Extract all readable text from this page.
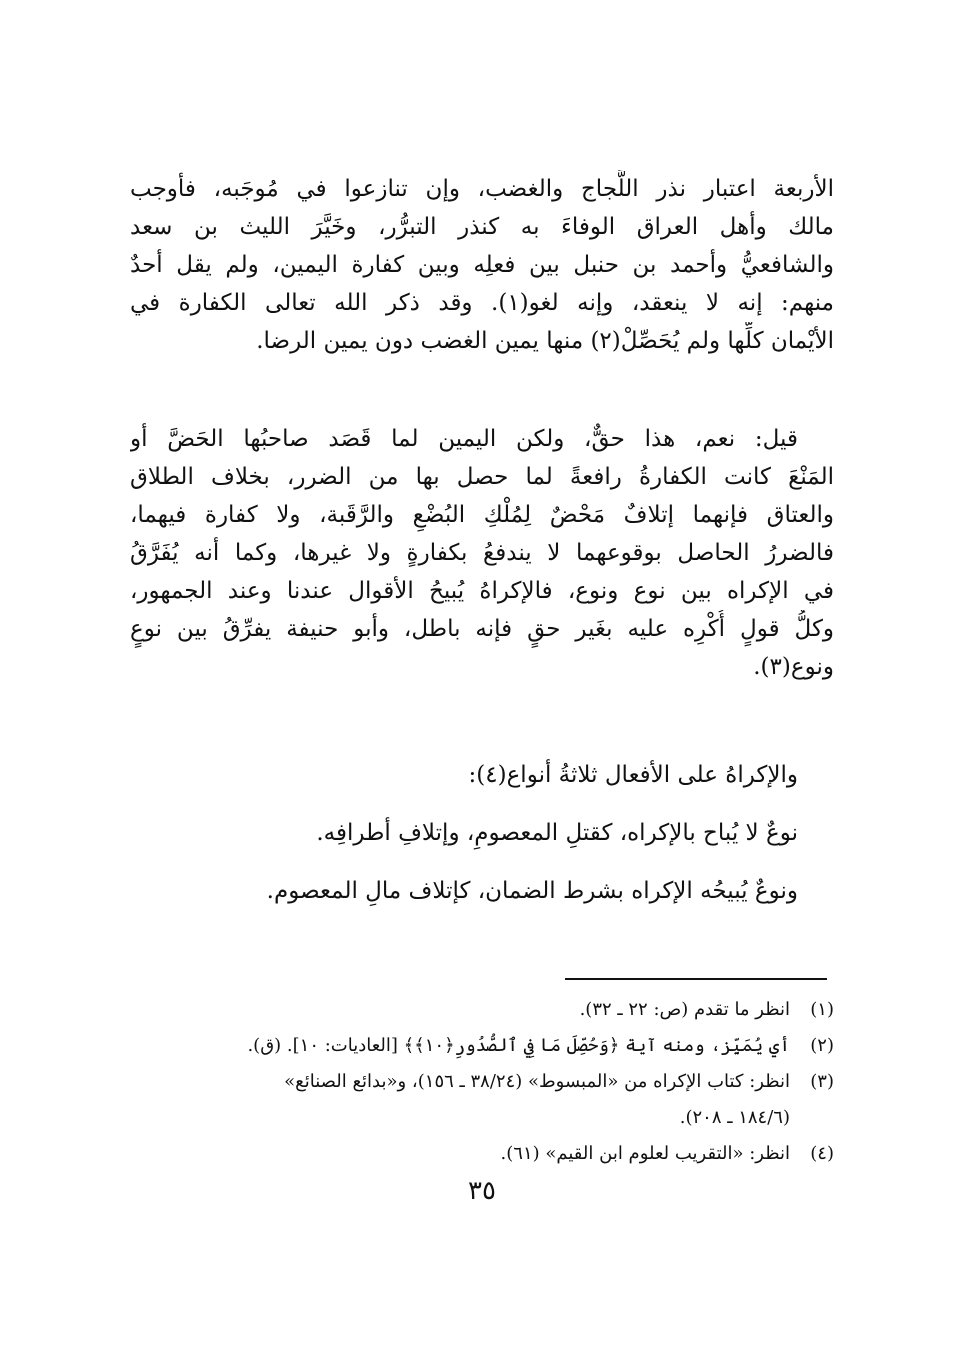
الأربعة اعتبار نذر اللَّجاج والغضب، وإن تنازعوا في مُوجَبه، فأوجب
مالك وأهل العراق الوفاءَ به كنذر التبرُّر، وخَيَّرَ الليث بن سعد
والشافعيُّ وأحمد بن حنبل بين فعلِه وبين كفارة اليمين، ولم يقل أحدٌ
منهم: إنه لا ينعقد، وإنه لغو(١). وقد ذكر الله تعالى الكفارة في
الأيْمان كلِّها ولم يُحَصِّلْ(٢) منها يمين الغضب دون يمين الرضا.
قيل: نعم، هذا حقٌّ، ولكن اليمين لما قَصَد صاحبُها الحَضَّ أو
المَنْعَ كانت الكفارةُ رافعةً لما حصل بها من الضرر، بخلاف الطلاق
والعتاق فإنهما إتلافٌ مَحْضٌ لِمُلْكِ البُضْعِ والرَّقَبة، ولا كفارة فيهما،
فالضررُ الحاصل بوقوعهما لا يندفعُ بكفارةٍ ولا غيرها، وكما أنه يُفَرَّقُ
في الإكراه بين نوع ونوع، فالإكراهُ يُبيحُ الأقوال عندنا وعند الجمهور،
وكلُّ قولٍ أُكْرِه عليه بغَير حقٍ فإنه باطل، وأبو حنيفة يفرِّقُ بين نوعٍ
ونوع(٣).
والإكراهُ على الأفعال ثلاثةُ أنواع(٤):
نوعٌ لا يُباح بالإكراه، كقتلِ المعصومِ، وإتلافِ أطرافِه.
ونوعٌ يُبيحُه الإكراه بشرط الضمان، كإتلاف مالِ المعصوم.
(١)
انظر ما تقدم (ص: ٢٢ ـ ٣٢).
(٢)
أي يُمَيِّز، ومنه آية ﴿وَحُصِّلَ مَا فِي ٱلصُّدُورِ﴿١٠﴾﴾ [العاديات: ١٠]. (ق).
(٣)
انظر: كتاب الإكراه من «المبسوط» (٣٨/٢٤ ـ ١٥٦)، و«بدائع الصنائع»
(١٨٤/٦ ـ ٢٠٨).
(٤)
انظر: «التقريب لعلوم ابن القيم» (٦١).
٣٥
